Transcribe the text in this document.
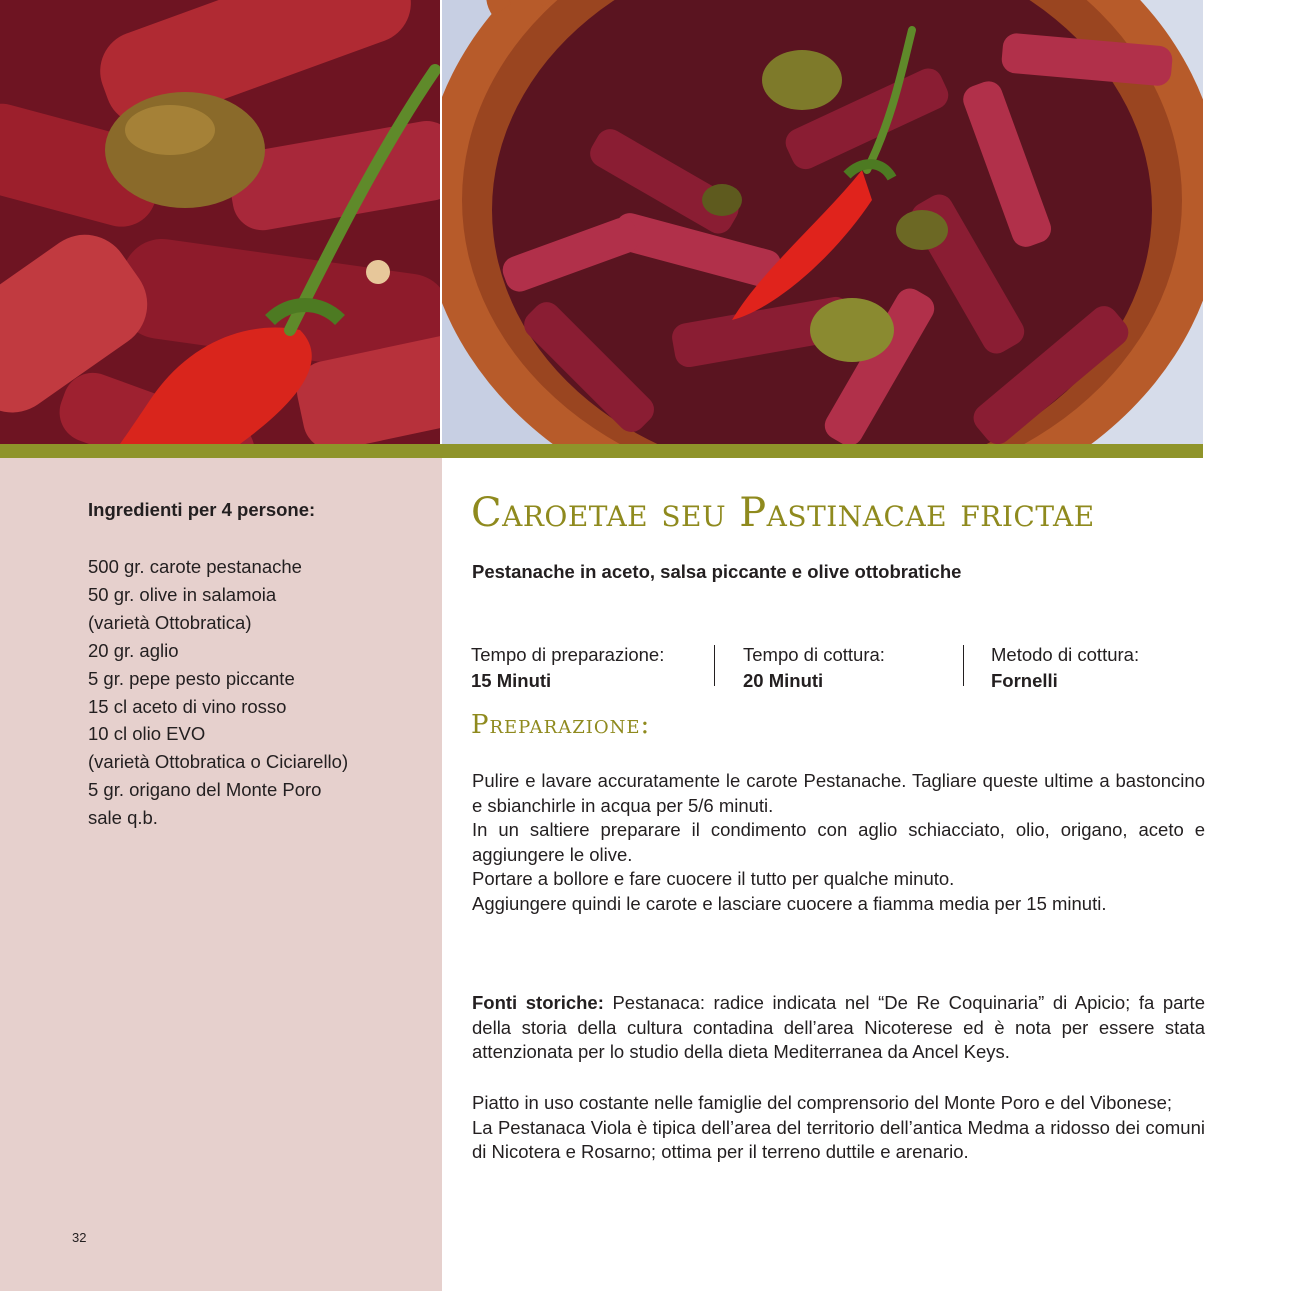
Ingredienti per 4 persone:
500 gr. carote pestanache
50 gr. olive in salamoia
(varietà Ottobratica)
20 gr. aglio
5 gr. pepe pesto piccante
15 cl aceto di vino rosso
10 cl olio EVO
(varietà Ottobratica o Ciciarello)
5 gr. origano del Monte Poro
sale q.b.
32
Caroetae seu Pastinacae frictae
Pestanache in aceto, salsa piccante e olive ottobratiche
Tempo di preparazione:
15 Minuti
Tempo di cottura:
20 Minuti
Metodo di cottura:
Fornelli
Preparazione:

Pulire e lavare accuratamente le carote Pestanache. Tagliare queste ultime a bastoncino e sbianchirle in acqua per 5/6 minuti.

In un saltiere preparare il condimento con aglio schiacciato, olio, origano, aceto e aggiungere le olive.

Portare a bollore e fare cuocere il tutto per qualche minuto.

Aggiungere quindi le carote e lasciare cuocere a fiamma media per 15 minuti.

Fonti storiche: Pestanaca: radice indicata nel “De Re Coquinaria” di Apicio; fa parte della storia della cultura contadina dell’area Nicoterese ed è nota per essere stata attenzionata per lo studio della dieta Mediterranea da Ancel Keys.

Piatto in uso costante nelle famiglie del comprensorio del Monte Poro e del Vibonese;

La Pestanaca Viola è tipica dell’area del territorio dell’antica Medma a ridosso dei comuni di Nicotera e Rosarno; ottima per il terreno duttile e arenario.
